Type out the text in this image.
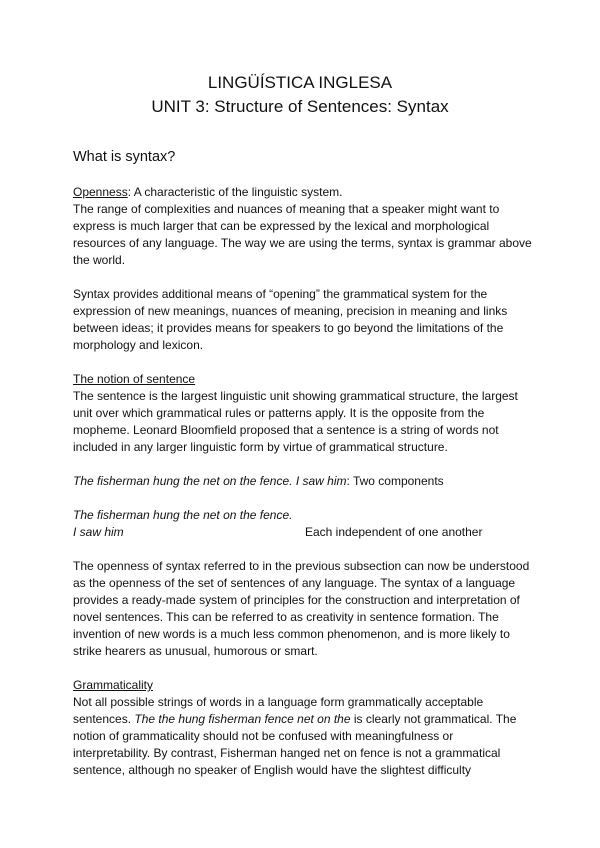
LINGÜÍSTICA INGLESA
UNIT 3: Structure of Sentences: Syntax
What is syntax?

Openness: A characteristic of the linguistic system.

The range of complexities and nuances of meaning that a speaker might want to express is much larger that can be expressed by the lexical and morphological resources of any language. The way we are using the terms, syntax is grammar above the world.

Syntax provides additional means of “opening” the grammatical system for the expression of new meanings, nuances of meaning, precision in meaning and links between ideas; it provides means for speakers to go beyond the limitations of the morphology and lexicon.

The notion of sentence

The sentence is the largest linguistic unit showing grammatical structure, the largest unit over which grammatical rules or patterns apply. It is the opposite from the mopheme. Leonard Bloomfield proposed that a sentence is a string of words not included in any larger linguistic form by virtue of grammatical structure.

The fisherman hung the net on the fence. I saw him: Two components

The fisherman hung the net on the fence.

I saw him	Each independent of one another

The openness of syntax referred to in the previous subsection can now be understood as the openness of the set of sentences of any language. The syntax of a language provides a ready-made system of principles for the construction and interpretation of novel sentences. This can be referred to as creativity in sentence formation. The invention of new words is a much less common phenomenon, and is more likely to strike hearers as unusual, humorous or smart.

Grammaticality

Not all possible strings of words in a language form grammatically acceptable sentences. The the hung fisherman fence net on the is clearly not grammatical. The notion of grammaticality should not be confused with meaningfulness or interpretability. By contrast, Fisherman hanged net on fence is not a grammatical sentence, although no speaker of English would have the slightest difficulty
